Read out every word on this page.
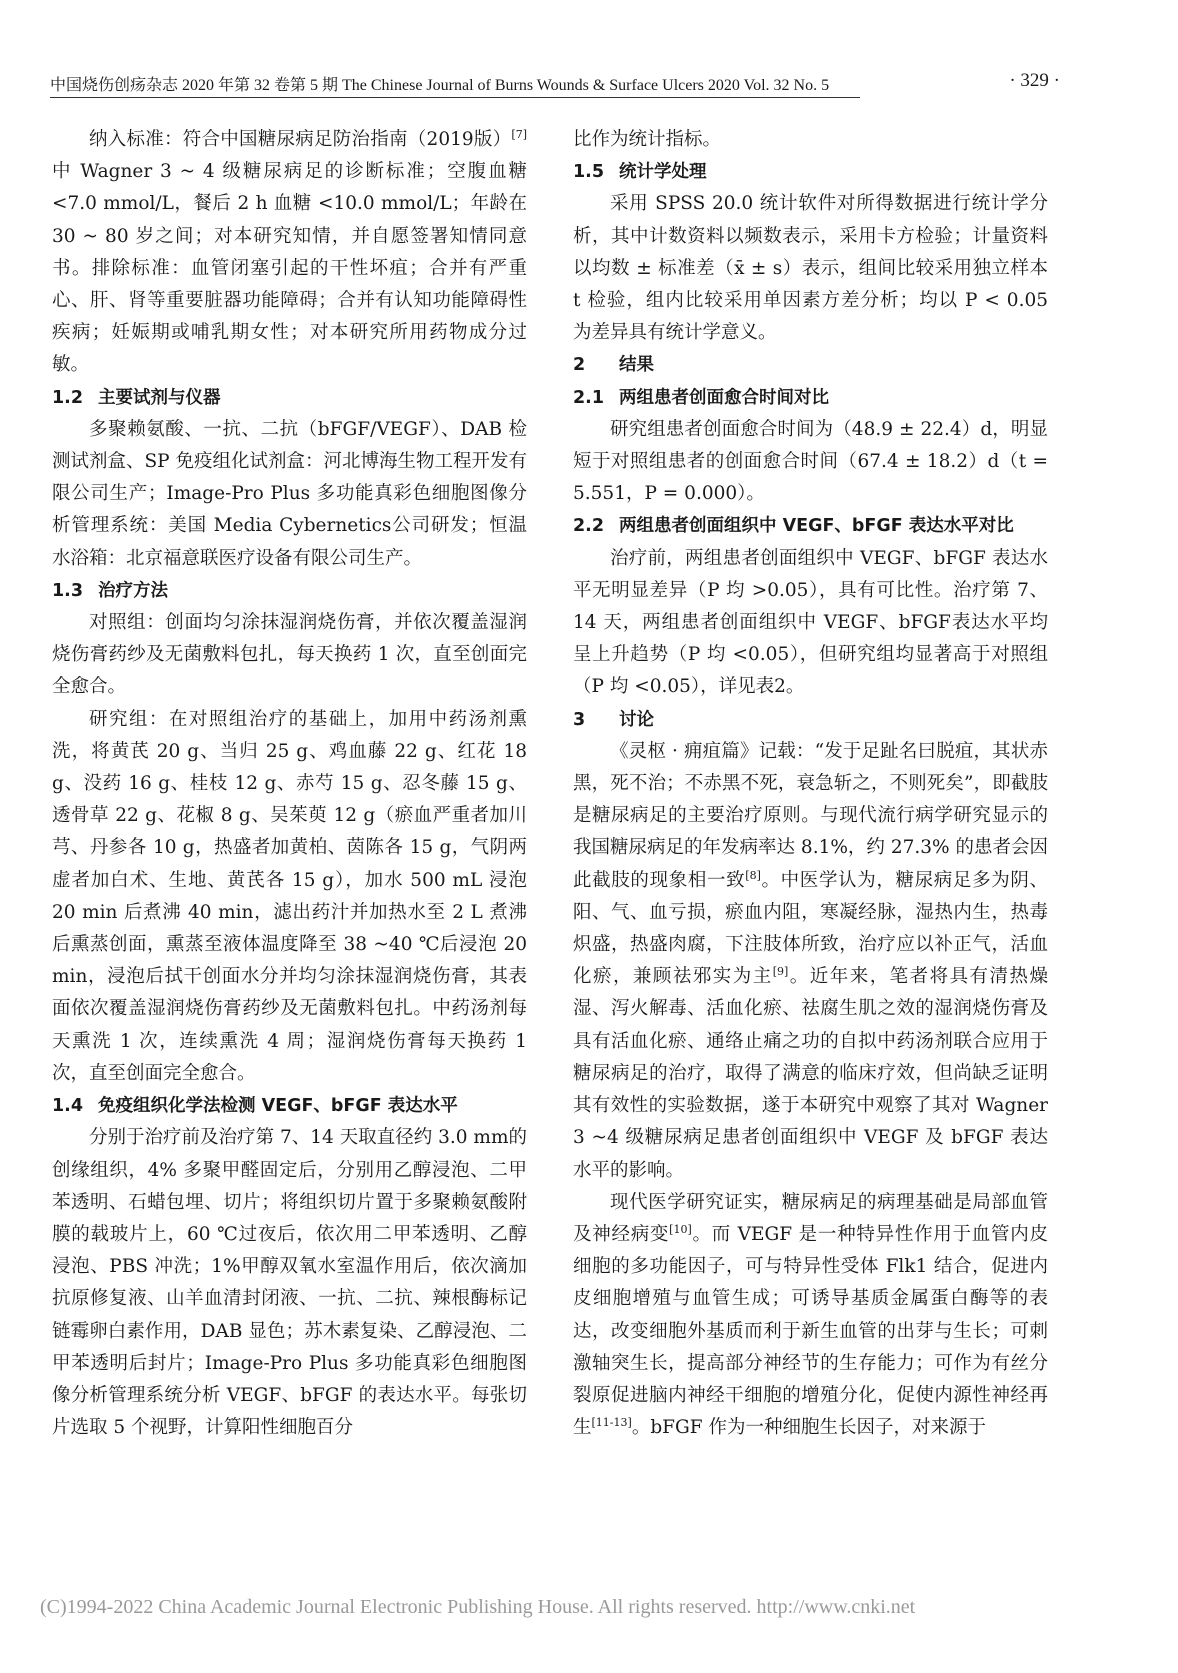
中国烧伤创疡杂志 2020 年第 32 卷第 5 期 The Chinese Journal of Burns Wounds & Surface Ulcers 2020 Vol. 32 No. 5	· 329 ·

纳入标准：符合中国糖尿病足防治指南（2019版）[7]中 Wagner 3 ~ 4 级糖尿病足的诊断标准；空腹血糖 <7.0 mmol/L，餐后 2 h 血糖 <10.0 mmol/L；年龄在 30 ~ 80 岁之间；对本研究知情，并自愿签署知情同意书。排除标准：血管闭塞引起的干性坏疽；合并有严重心、肝、肾等重要脏器功能障碍；合并有认知功能障碍性疾病；妊娠期或哺乳期女性；对本研究所用药物成分过敏。

1.2 主要试剂与仪器

多聚赖氨酸、一抗、二抗（bFGF/VEGF）、DAB 检测试剂盒、SP 免疫组化试剂盒：河北博海生物工程开发有限公司生产；Image-Pro Plus 多功能真彩色细胞图像分析管理系统：美国 Media Cybernetics公司研发；恒温水浴箱：北京福意联医疗设备有限公司生产。

1.3 治疗方法

对照组：创面均匀涂抹湿润烧伤膏，并依次覆盖湿润烧伤膏药纱及无菌敷料包扎，每天换药 1 次，直至创面完全愈合。

研究组：在对照组治疗的基础上，加用中药汤剂熏洗，将黄芪 20 g、当归 25 g、鸡血藤 22 g、红花 18 g、没药 16 g、桂枝 12 g、赤芍 15 g、忍冬藤 15 g、透骨草 22 g、花椒 8 g、吴茱萸 12 g（瘀血严重者加川芎、丹参各 10 g，热盛者加黄柏、茵陈各 15 g，气阴两虚者加白术、生地、黄芪各 15 g），加水 500 mL 浸泡 20 min 后煮沸 40 min，滤出药汁并加热水至 2 L 煮沸后熏蒸创面，熏蒸至液体温度降至 38 ~40 ℃后浸泡 20 min，浸泡后拭干创面水分并均匀涂抹湿润烧伤膏，其表面依次覆盖湿润烧伤膏药纱及无菌敷料包扎。中药汤剂每天熏洗 1 次，连续熏洗 4 周；湿润烧伤膏每天换药 1 次，直至创面完全愈合。

1.4 免疫组织化学法检测 VEGF、bFGF 表达水平

分别于治疗前及治疗第 7、14 天取直径约 3.0 mm的创缘组织，4% 多聚甲醛固定后，分别用乙醇浸泡、二甲苯透明、石蜡包埋、切片；将组织切片置于多聚赖氨酸附膜的载玻片上，60 ℃过夜后，依次用二甲苯透明、乙醇浸泡、PBS 冲洗；1%甲醇双氧水室温作用后，依次滴加抗原修复液、山羊血清封闭液、一抗、二抗、辣根酶标记链霉卵白素作用，DAB 显色；苏木素复染、乙醇浸泡、二甲苯透明后封片；Image-Pro Plus 多功能真彩色细胞图像分析管理系统分析 VEGF、bFGF 的表达水平。每张切片选取 5 个视野，计算阳性细胞百分

比作为统计指标。

1.5 统计学处理

采用 SPSS 20.0 统计软件对所得数据进行统计学分析，其中计数资料以频数表示，采用卡方检验；计量资料以均数 ± 标准差（x̄ ± s）表示，组间比较采用独立样本 t 检验，组内比较采用单因素方差分析；均以 P < 0.05 为差异具有统计学意义。

2 结果
2.1 两组患者创面愈合时间对比

研究组患者创面愈合时间为（48.9 ± 22.4）d，明显短于对照组患者的创面愈合时间（67.4 ± 18.2）d（t = 5.551，P = 0.000）。

2.2 两组患者创面组织中 VEGF、bFGF 表达水平对比

治疗前，两组患者创面组织中 VEGF、bFGF 表达水平无明显差异（P 均 >0.05），具有可比性。治疗第 7、14 天，两组患者创面组织中 VEGF、bFGF表达水平均呈上升趋势（P 均 <0.05），但研究组均显著高于对照组（P 均 <0.05），详见表2。

3 讨论

《灵枢 · 痈疽篇》记载：“发于足趾名曰脱疽，其状赤黑，死不治；不赤黑不死，衰急斩之，不则死矣”，即截肢是糖尿病足的主要治疗原则。与现代流行病学研究显示的我国糖尿病足的年发病率达 8.1%，约 27.3% 的患者会因此截肢的现象相一致[8]。中医学认为，糖尿病足多为阴、阳、气、血亏损，瘀血内阻，寒凝经脉，湿热内生，热毒炽盛，热盛肉腐，下注肢体所致，治疗应以补正气，活血化瘀，兼顾祛邪实为主[9]。近年来，笔者将具有清热燥湿、泻火解毒、活血化瘀、祛腐生肌之效的湿润烧伤膏及具有活血化瘀、通络止痛之功的自拟中药汤剂联合应用于糖尿病足的治疗，取得了满意的临床疗效，但尚缺乏证明其有效性的实验数据，遂于本研究中观察了其对 Wagner 3 ~4 级糖尿病足患者创面组织中 VEGF 及 bFGF 表达水平的影响。

现代医学研究证实，糖尿病足的病理基础是局部血管及神经病变[10]。而 VEGF 是一种特异性作用于血管内皮细胞的多功能因子，可与特异性受体 Flk1 结合，促进内皮细胞增殖与血管生成；可诱导基质金属蛋白酶等的表达，改变细胞外基质而利于新生血管的出芽与生长；可刺激轴突生长，提高部分神经节的生存能力；可作为有丝分裂原促进脑内神经干细胞的增殖分化，促使内源性神经再生[11-13]。bFGF 作为一种细胞生长因子，对来源于

(C)1994-2022 China Academic Journal Electronic Publishing House. All rights reserved. http://www.cnki.net
